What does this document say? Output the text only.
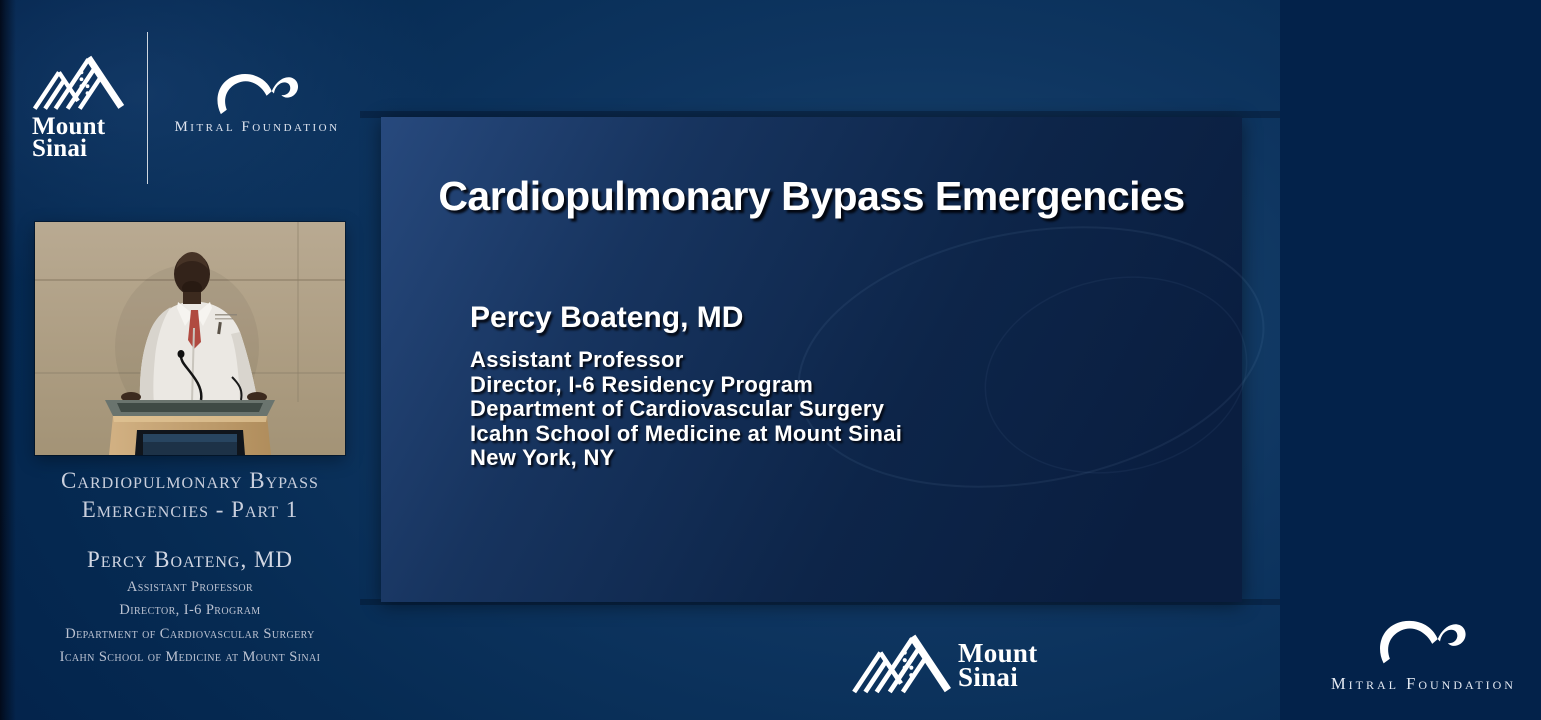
Mount
Sinai
Mitral Foundation
Cardiopulmonary Bypass
Emergencies - Part 1
Percy Boateng, MD
Assistant Professor
Director, I-6 Program
Department of Cardiovascular Surgery
Icahn School of Medicine at Mount Sinai
Cardiopulmonary Bypass Emergencies
Percy Boateng, MD
Assistant Professor
Director, I-6 Residency Program
Department of Cardiovascular Surgery
Icahn School of Medicine at Mount Sinai
New York, NY
Mount
Sinai	Mitral Foundation
